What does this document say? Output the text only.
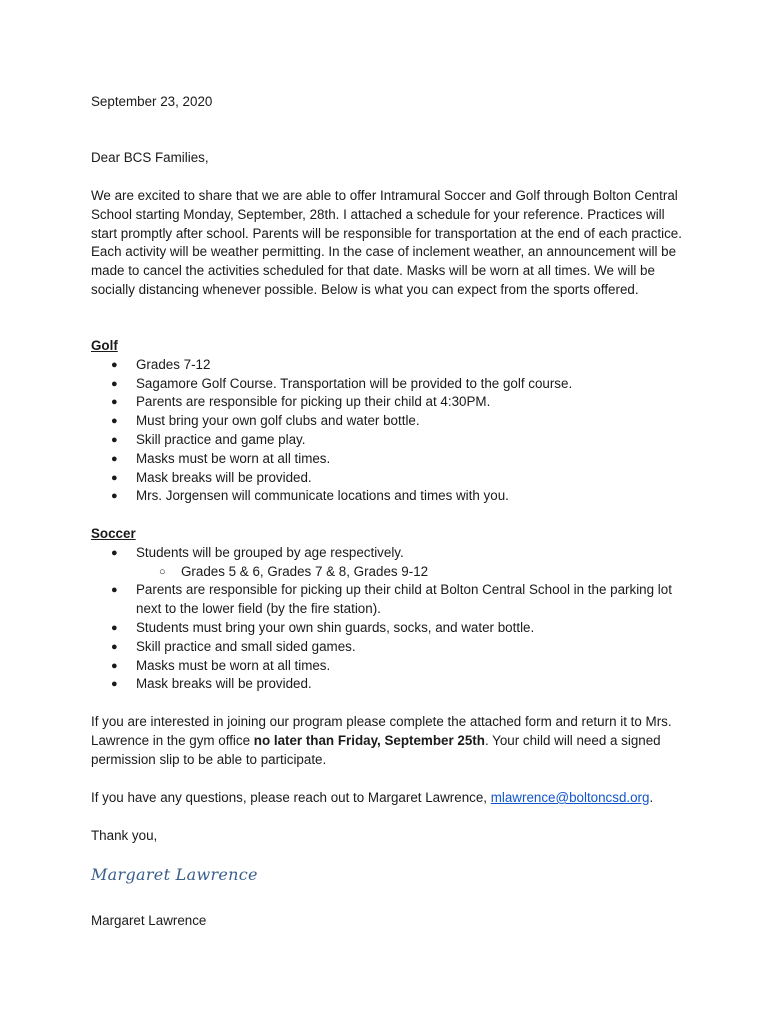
September 23, 2020

Dear BCS Families,

We are excited to share that we are able to offer Intramural Soccer and Golf through Bolton Central School starting Monday, September, 28th. I attached a schedule for your reference. Practices will start promptly after school. Parents will be responsible for transportation at the end of each practice. Each activity will be weather permitting. In the case of inclement weather, an announcement will be made to cancel the activities scheduled for that date. Masks will be worn at all times. We will be socially distancing whenever possible. Below is what you can expect from the sports offered.

Golf

● Grades 7-12
● Sagamore Golf Course. Transportation will be provided to the golf course.
● Parents are responsible for picking up their child at 4:30PM.
● Must bring your own golf clubs and water bottle.
● Skill practice and game play.
● Masks must be worn at all times.
● Mask breaks will be provided.
● Mrs. Jorgensen will communicate locations and times with you.

Soccer

● Students will be grouped by age respectively.
○ Grades 5 & 6, Grades 7 & 8, Grades 9-12
● Parents are responsible for picking up their child at Bolton Central School in the parking lot next to the lower field (by the fire station).
● Students must bring your own shin guards, socks, and water bottle.
● Skill practice and small sided games.
● Masks must be worn at all times.
● Mask breaks will be provided.

If you are interested in joining our program please complete the attached form and return it to Mrs. Lawrence in the gym office no later than Friday, September 25th. Your child will need a signed permission slip to be able to participate.

If you have any questions, please reach out to Margaret Lawrence, mlawrence@boltoncsd.org.

Thank you,

Margaret Lawrence

Margaret Lawrence
